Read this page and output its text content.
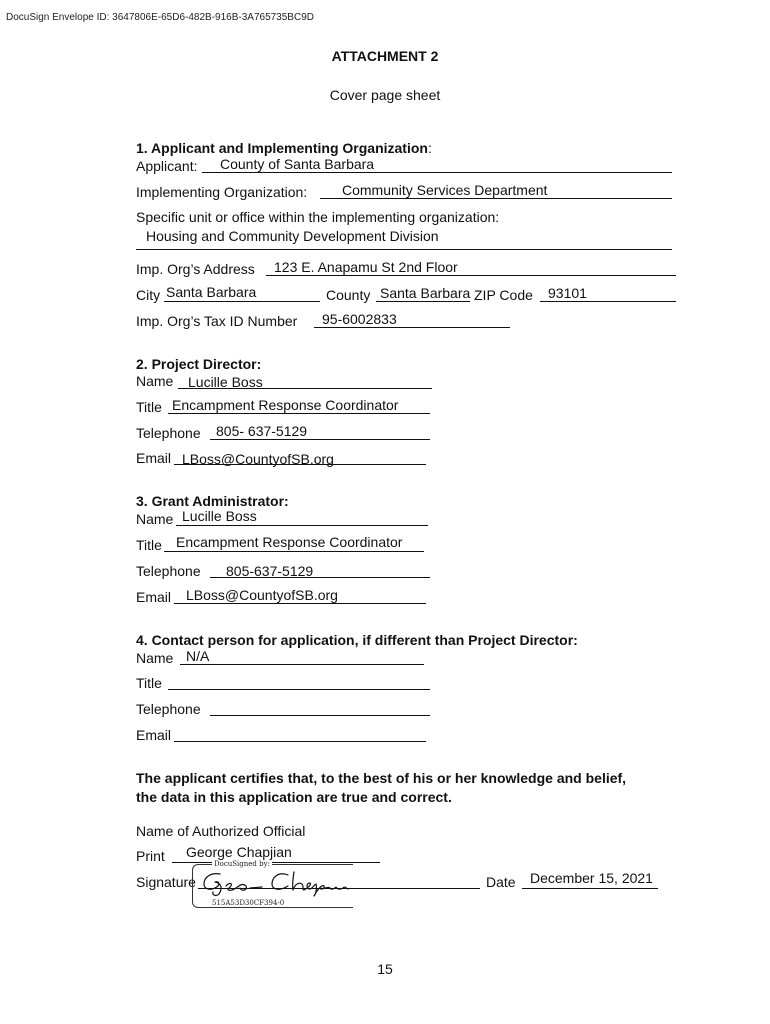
DocuSign Envelope ID: 3647806E-65D6-482B-916B-3A765735BC9D
ATTACHMENT 2
Cover page sheet
1. Applicant and Implementing Organization:
Applicant: County of Santa Barbara
Implementing Organization: Community Services Department
Specific unit or office within the implementing organization:
Housing and Community Development Division
Imp. Org’s Address 123 E. Anapamu St 2nd Floor
City Santa Barbara	County Santa Barbara ZIP Code 93101
Imp. Org’s Tax ID Number 95-6002833
2. Project Director:
Name Lucille Boss
Title Encampment Response Coordinator
Telephone 805- 637-5129
Email LBoss@CountyofSB.org
3. Grant Administrator:
Name Lucille Boss
Title Encampment Response Coordinator
Telephone 805-637-5129
Email LBoss@CountyofSB.org
4. Contact person for application, if different than Project Director:
Name N/A
Title
Telephone
Email
The applicant certifies that, to the best of his or her knowledge and belief,
the data in this application are true and correct.
Name of Authorized Official
Print George Chapjian
Signature
DocuSigned by:
515A53D30CF394-0
Date December 15, 2021
15
